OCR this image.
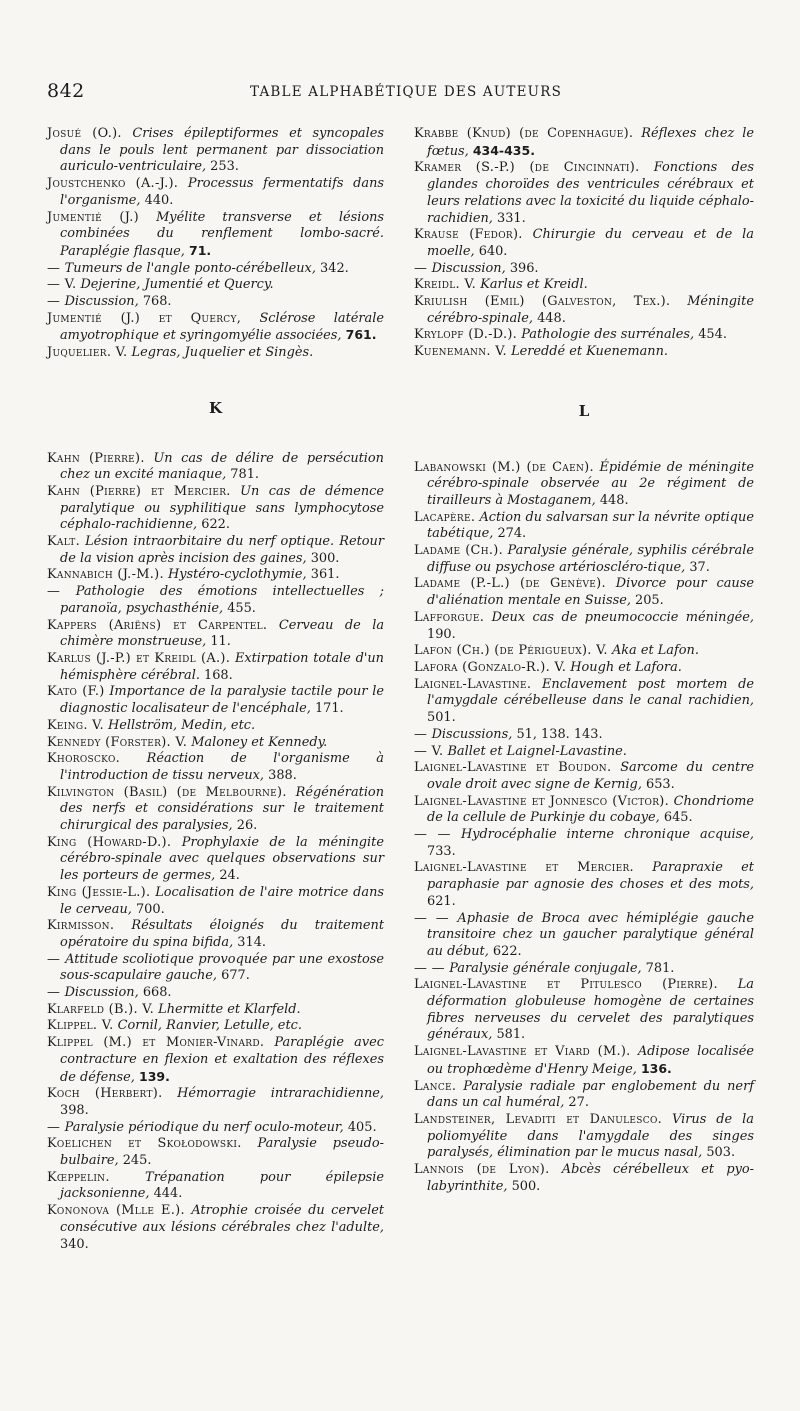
842	TABLE ALPHABÉTIQUE DES AUTEURS

Josué (O.). Crises épileptiformes et syncopales dans le pouls lent permanent par dissociation auriculo-ventriculaire, 253.

Joustchenko (A.-J.). Processus fermentatifs dans l'organisme, 440.

Jumentié (J.) Myélite transverse et lésions combinées du renflement lombo-sacré. Paraplégie flasque, 71.

— Tumeurs de l'angle ponto-cérébelleux, 342.

— V. Dejerine, Jumentié et Quercy.

— Discussion, 768.

Jumentié (J.) et Quercy, Sclérose latérale amyotrophique et syringomyélie associées, 761.

Juquelier. V. Legras, Juquelier et Singès.

K

Kahn (Pierre). Un cas de délire de persécution chez un excité maniaque, 781.

Kahn (Pierre) et Mercier. Un cas de démence paralytique ou syphilitique sans lymphocytose céphalo-rachidienne, 622.

Kalt. Lésion intraorbitaire du nerf optique. Retour de la vision après incision des gaines, 300.

Kannabich (J.-M.). Hystéro-cyclothymie, 361.

— Pathologie des émotions intellectuelles ; paranoïa, psychasthénie, 455.

Kappers (Ariëns) et Carpentel. Cerveau de la chimère monstrueuse, 11.

Karlus (J.-P.) et Kreidl (A.). Extirpation totale d'un hémisphère cérébral. 168.

Kato (F.) Importance de la paralysie tactile pour le diagnostic localisateur de l'encéphale, 171.

Keing. V. Hellström, Medin, etc.

Kennedy (Forster). V. Maloney et Kennedy.

Khoroscko. Réaction de l'organisme à l'introduction de tissu nerveux, 388.

Kilvington (Basil) (de Melbourne). Régénération des nerfs et considérations sur le traitement chirurgical des paralysies, 26.

King (Howard-D.). Prophylaxie de la méningite cérébro-spinale avec quelques observations sur les porteurs de germes, 24.

King (Jessie-L.). Localisation de l'aire motrice dans le cerveau, 700.

Kirmisson. Résultats éloignés du traitement opératoire du spina bifida, 314.

— Attitude scoliotique provoquée par une exostose sous-scapulaire gauche, 677.

— Discussion, 668.

Klarfeld (B.). V. Lhermitte et Klarfeld.

Klippel. V. Cornil, Ranvier, Letulle, etc.

Klippel (M.) et Monier-Vinard. Paraplégie avec contracture en flexion et exaltation des réflexes de défense, 139.

Koch (Herbert). Hémorragie intrarachidienne, 398.

— Paralysie périodique du nerf oculo-moteur, 405.

Koelichen et Skołodowski. Paralysie pseudo-bulbaire, 245.

Kœppelin.	Trépanation pour épilepsie jacksonienne, 444.

Kononova (Mlle E.). Atrophie croisée du cervelet consécutive aux lésions cérébrales chez l'adulte, 340.

Krabbe (Knud) (de Copenhague). Réflexes chez le fœtus, 434-435.

Kramer (S.-P.) (de Cincinnati). Fonctions des glandes choroïdes des ventricules cérébraux et leurs relations avec la toxicité du liquide céphalo-rachidien, 331.

Krause (Fedor). Chirurgie du cerveau et de la moelle, 640.

— Discussion, 396.

Kreidl. V. Karlus et Kreidl.

Kriulish (Emil) (Galveston, Tex.). Méningite cérébro-spinale, 448.

Krylopf (D.-D.). Pathologie des surrénales, 454.

Kuenemann. V. Lereddé et Kuenemann.

L

Labanowski (M.) (de Caen). Épidémie de méningite cérébro-spinale observée au 2e régiment de tirailleurs à Mostaganem, 448.

Lacapère. Action du salvarsan sur la névrite optique tabétique, 274.

Ladame (Ch.). Paralysie générale, syphilis cérébrale diffuse ou psychose artérioscléro-tique, 37.

Ladame (P.-L.) (de Genève). Divorce pour cause d'aliénation mentale en Suisse, 205.

Lafforgue. Deux cas de pneumococcie méningée, 190.

Lafon (Ch.) (de Périgueux). V. Aka et Lafon.

Lafora (Gonzalo-R.). V. Hough et Lafora.

Laignel-Lavastine. Enclavement post mortem de l'amygdale cérébelleuse dans le canal rachidien, 501.

— Discussions, 51, 138. 143.

— V. Ballet et Laignel-Lavastine.

Laignel-Lavastine et Boudon. Sarcome du centre ovale droit avec signe de Kernig, 653.

Laignel-Lavastine et Jonnesco (Victor). Chondriome de la cellule de Purkinje du cobaye, 645.

— — Hydrocéphalie interne chronique acquise, 733.

Laignel-Lavastine et Mercier. Parapraxie et paraphasie par agnosie des choses et des mots, 621.

— — Aphasie de Broca avec hémiplégie gauche transitoire chez un gaucher paralytique général au début, 622.

— — Paralysie générale conjugale, 781.

Laignel-Lavastine et Pitulesco (Pierre). La déformation globuleuse homogène de certaines fibres nerveuses du cervelet des paralytiques généraux, 581.

Laignel-Lavastine et Viard (M.). Adipose localisée ou trophœdème d'Henry Meige, 136.

Lance. Paralysie radiale par englobement du nerf dans un cal huméral, 27.

Landsteiner, Levaditi et Danulesco. Virus de la poliomyélite dans l'amygdale des singes paralysés, élimination par le mucus nasal, 503.

Lannois (de Lyon). Abcès cérébelleux et pyo-labyrinthite, 500.
